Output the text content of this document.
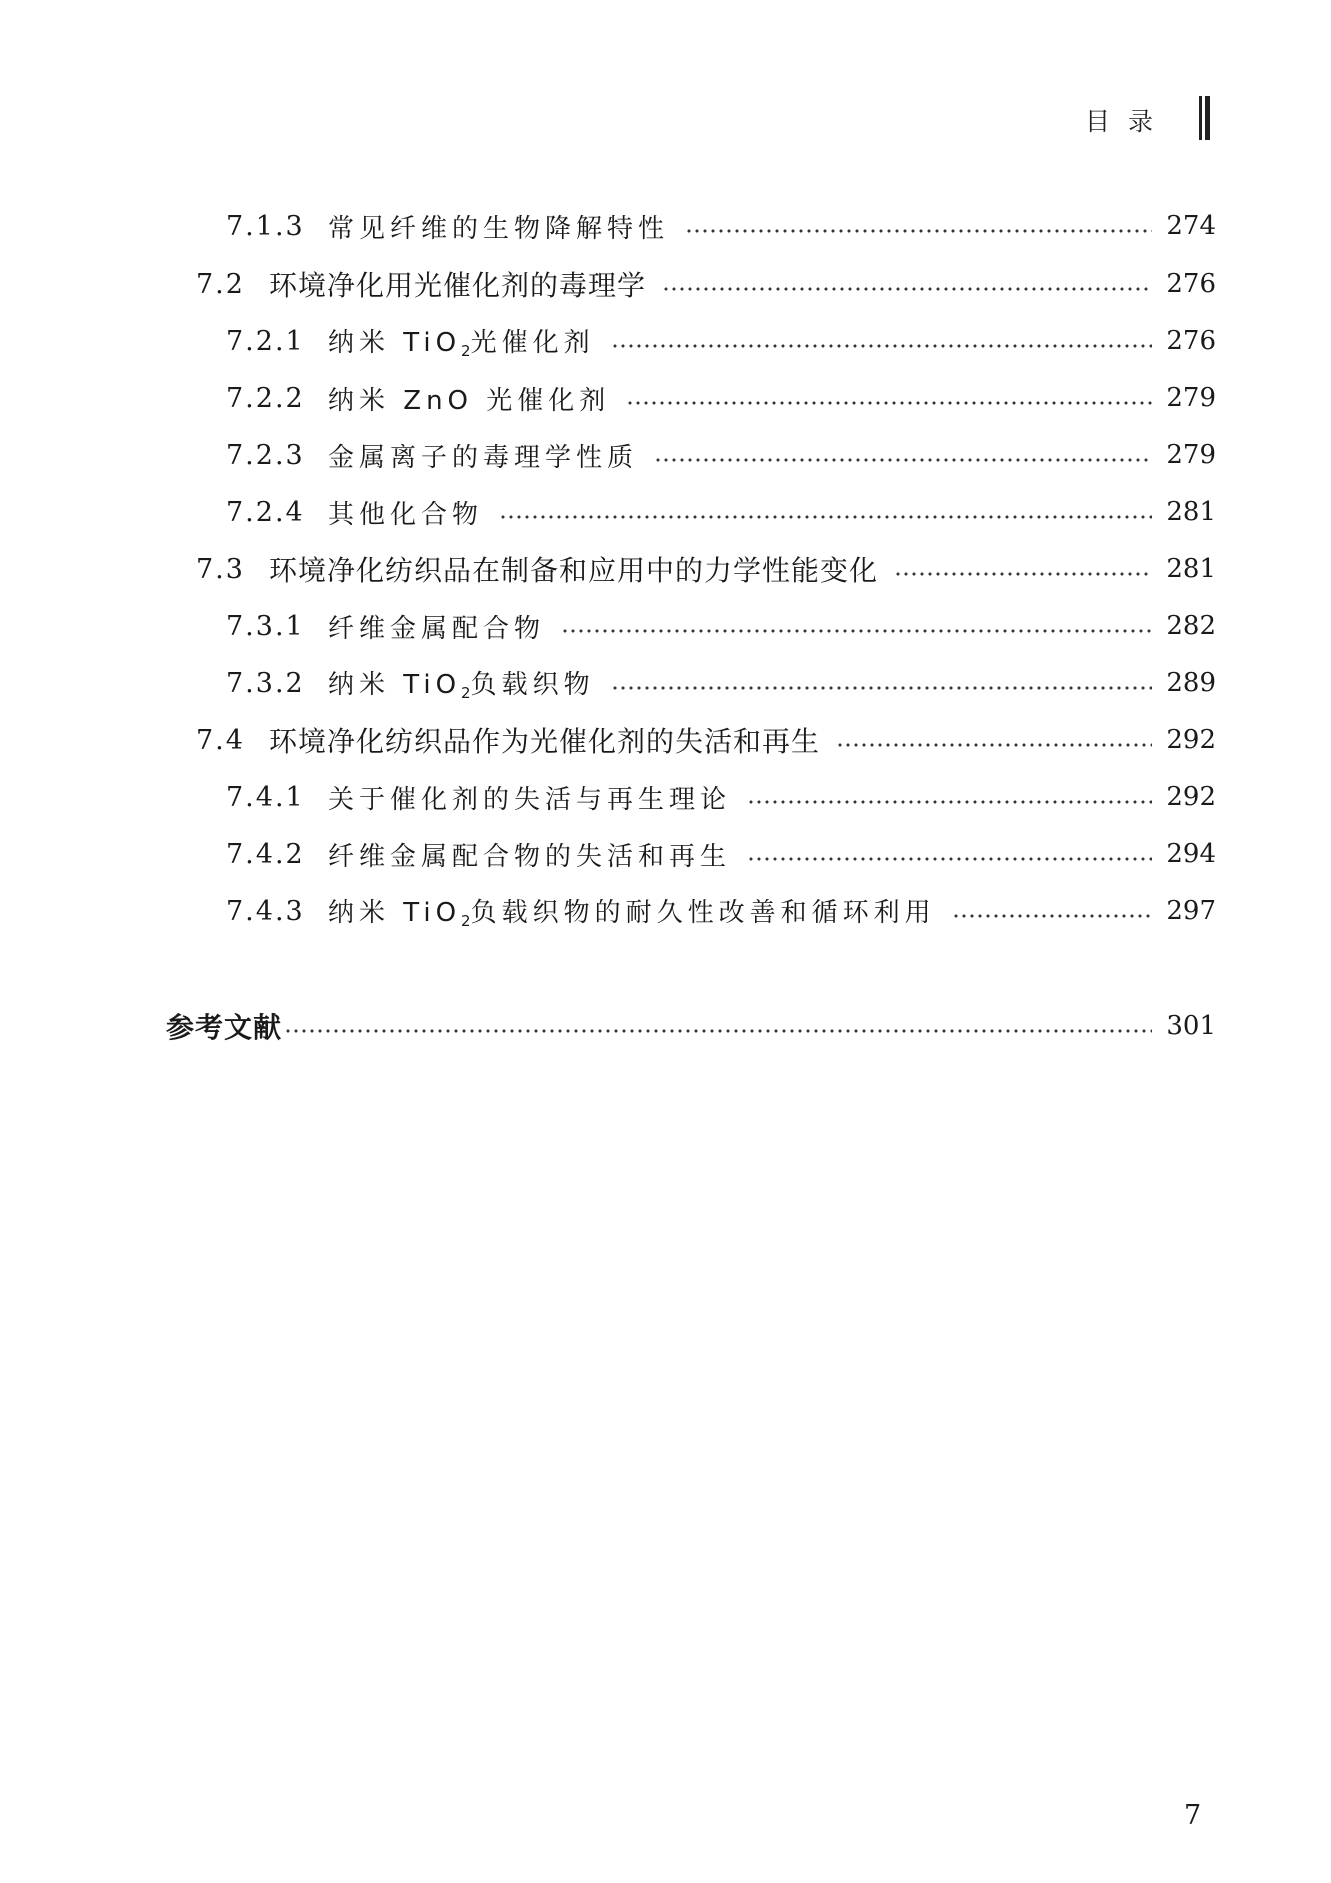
目录
7.1.3 常见纤维的生物降解特性	274
7.2 环境净化用光催化剂的毒理学	276
7.2.1 纳米 TiO$_2$光催化剂	276
7.2.2 纳米 ZnO 光催化剂	279
7.2.3 金属离子的毒理学性质	279
7.2.4 其他化合物	281
7.3 环境净化纺织品在制备和应用中的力学性能变化	281
7.3.1 纤维金属配合物	282
7.3.2 纳米 TiO$_2$负载织物	289
7.4 环境净化纺织品作为光催化剂的失活和再生	292
7.4.1 关于催化剂的失活与再生理论	292
7.4.2 纤维金属配合物的失活和再生	294
7.4.3 纳米 TiO$_2$负载织物的耐久性改善和循环利用	297
参考文献	301
7
